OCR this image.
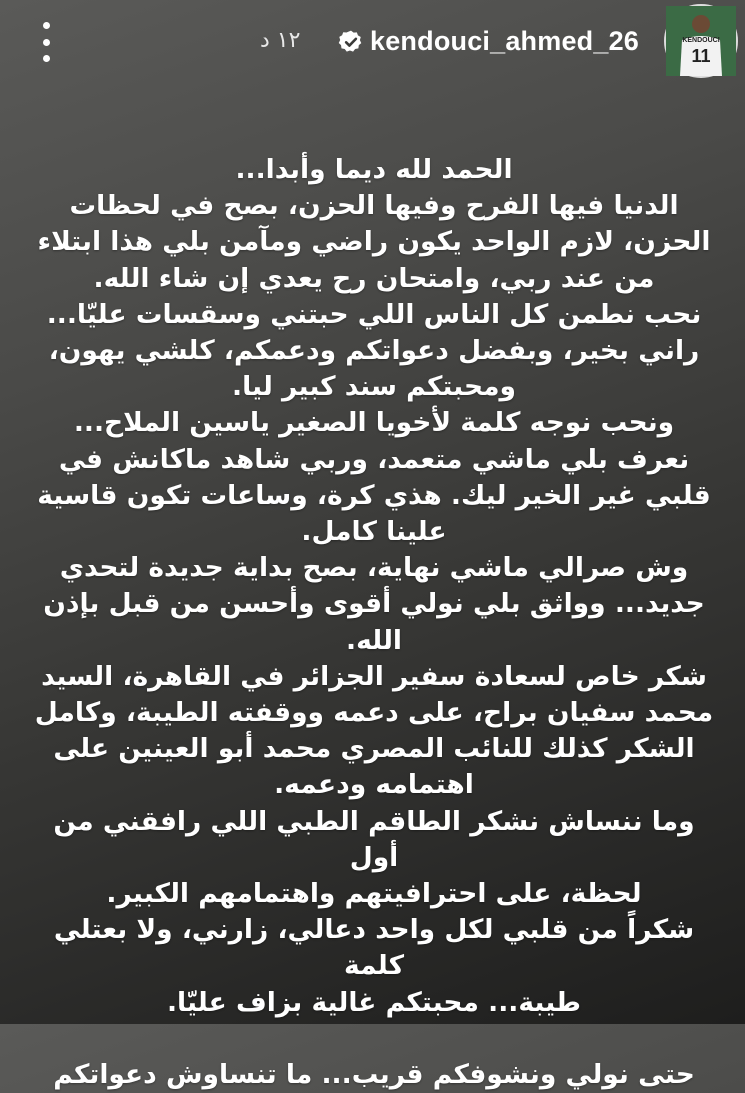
١٢ د	kendouci_ahmed_26	KENDOUCI
11

الحمد لله ديما وأبدا...

الدنيا فيها الفرح وفيها الحزن، بصح في لحظات

الحزن، لازم الواحد يكون راضي ومآمن بلي هذا ابتلاء

من عند ربي، وامتحان رح يعدي إن شاء الله.

نحب نطمن كل الناس اللي حبتني وسقسات عليّا...

راني بخير، وبفضل دعواتكم ودعمكم، كلشي يهون،

ومحبتكم سند كبير ليا.

ونحب نوجه كلمة لأخويا الصغير ياسين الملاح...

نعرف بلي ماشي متعمد، وربي شاهد ماكانش في

قلبي غير الخير ليك. هذي كرة، وساعات تكون قاسية

علينا كامل.

وش صرالي ماشي نهاية، بصح بداية جديدة لتحدي

جديد... وواثق بلي نولي أقوى وأحسن من قبل بإذن

الله.

شكر خاص لسعادة سفير الجزائر في القاهرة، السيد

محمد سفيان براح، على دعمه ووقفته الطيبة، وكامل

الشكر كذلك للنائب المصري محمد أبو العينين على

اهتمامه ودعمه.

وما ننساش نشكر الطاقم الطبي اللي رافقني من أول

لحظة، على احترافيتهم واهتمامهم الكبير.

شكراً من قلبي لكل واحد دعالي، زارني، ولا بعتلي كلمة

طيبة... محبتكم غالية بزاف عليّا.

حتى نولي ونشوفكم قريب... ما تنساوش دعواتكم
